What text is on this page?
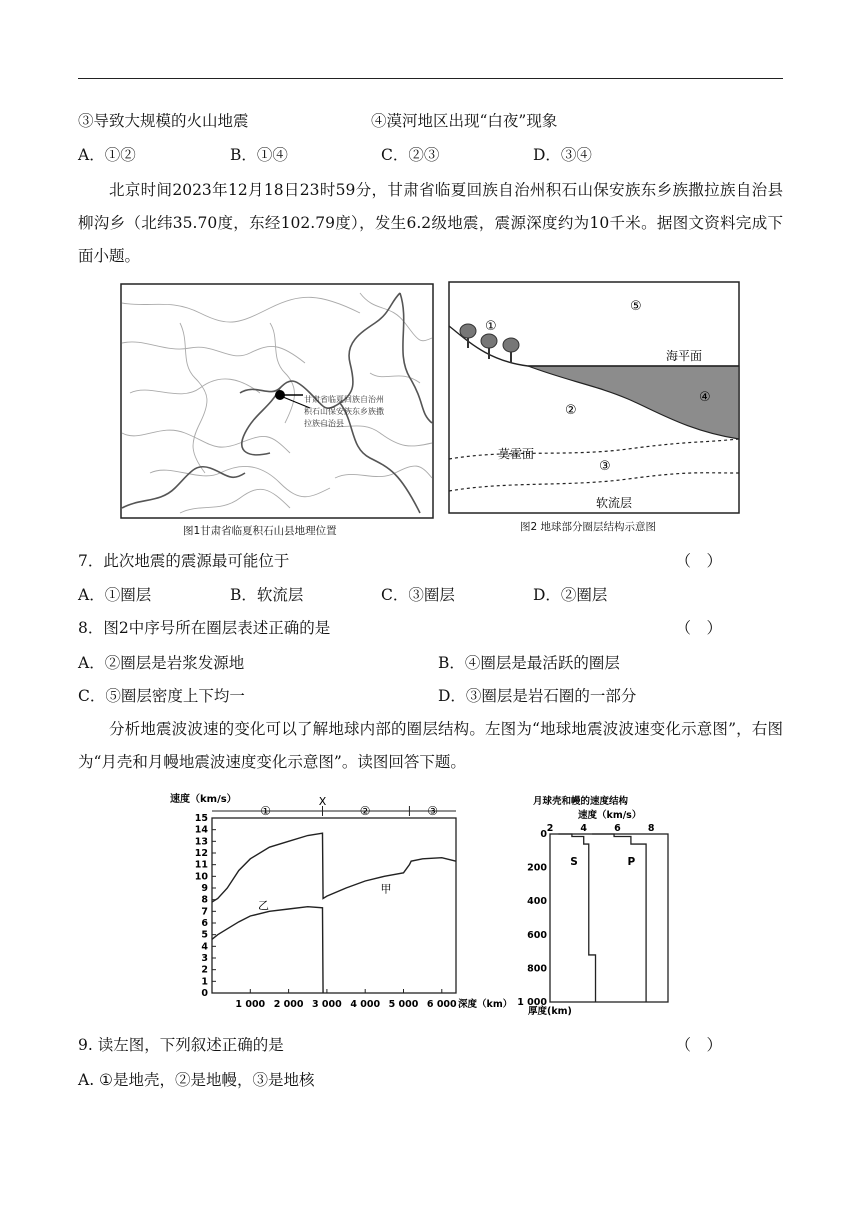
③导致大规模的火山地震	④漠河地区出现“白夜”现象
A．①②	B．①④	C．②③	D．③④
北京时间2023年12月18日23时59分，甘肃省临夏回族自治州积石山保安族东乡族撒拉族自治县柳沟乡（北纬35.70度，东经102.79度），发生6.2级地震，震源深度约为10千米。据图文资料完成下面小题。
甘肃省临夏回族自治州
积石山保安族东乡族撒
拉族自治县
图1甘肃省临夏积石山县地理位置
⑤
①
海平面
④
②
莫霍面
③
软流层
图2 地球部分圈层结构示意图
7．此次地震的震源最可能位于	（　）
A．①圈层	B．软流层	C．③圈层	D．②圈层
8．图2中序号所在圈层表述正确的是	（　）
A．②圈层是岩浆发源地	B．④圈层是最活跃的圈层
C．⑤圈层密度上下均一	D．③圈层是岩石圈的一部分
分析地震波波速的变化可以了解地球内部的圈层结构。左图为“地球地震波波速变化示意图”，右图为“月壳和月幔地震波速度变化示意图”。读图回答下题。
速度（km/s）
15
14
13
12
11
10
9
8
7
6
5
4
3
2
1
0
1 000 2 000 3 000 4 000 5 000 6 000 深度（km）
①
X
②	③
甲
乙
月球壳和幔的速度结构
速度（km/s）
2	4	6	8
0
200
400
600
800
1 000
厚度(km)
S	P
9. 读左图，下列叙述正确的是	（　）
A. ①是地壳，②是地幔，③是地核
